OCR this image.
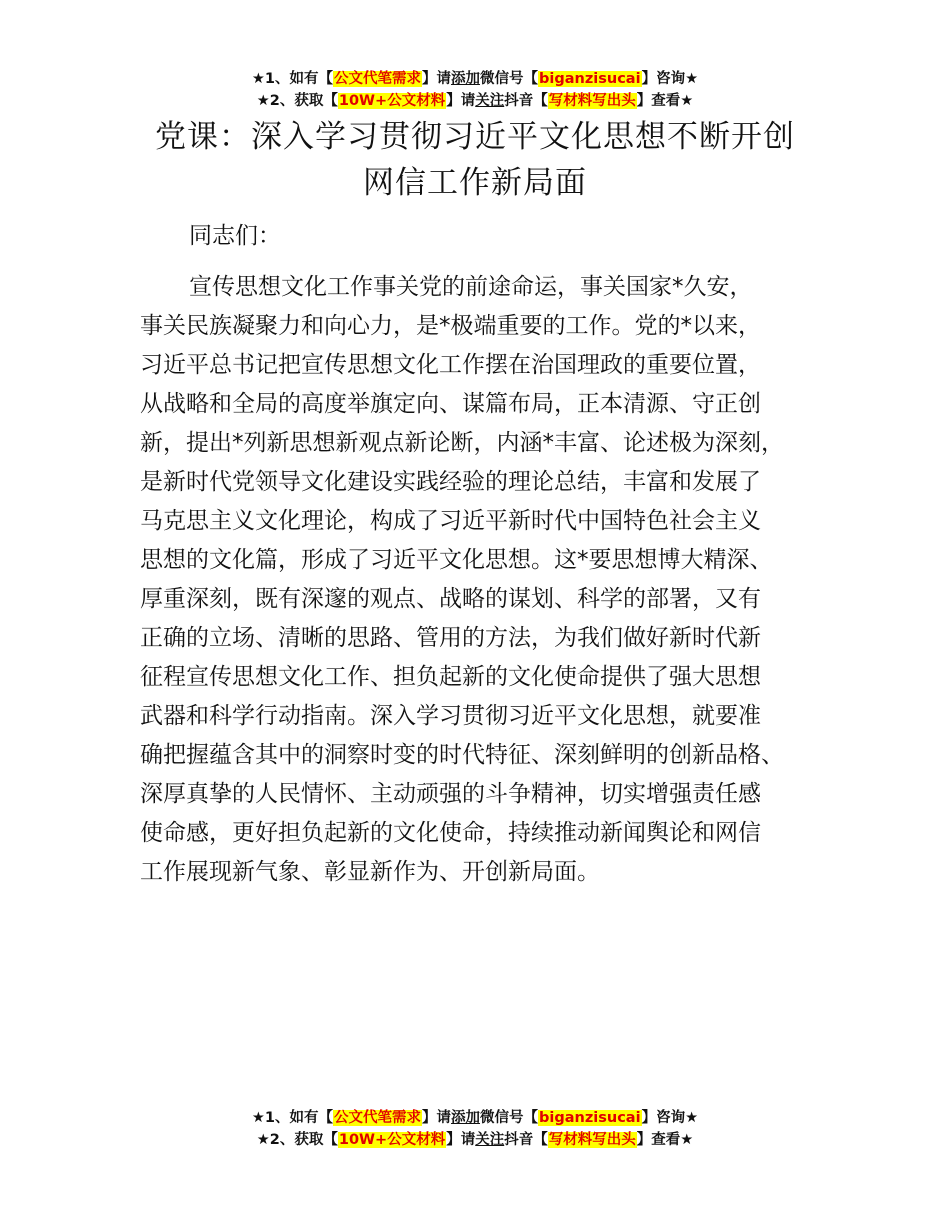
★1、如有【公文代笔需求】请添加微信号【biganzisucai】咨询★
★2、获取【10W+公文材料】请关注抖音【写材料写出头】查看★
党课：深入学习贯彻习近平文化思想不断开创
网信工作新局面
同志们：
宣传思想文化工作事关党的前途命运，事关国家*久安，
事关民族凝聚力和向心力，是*极端重要的工作。党的*以来，
习近平总书记把宣传思想文化工作摆在治国理政的重要位置，
从战略和全局的高度举旗定向、谋篇布局，正本清源、守正创
新，提出*列新思想新观点新论断，内涵*丰富、论述极为深刻，
是新时代党领导文化建设实践经验的理论总结，丰富和发展了
马克思主义文化理论，构成了习近平新时代中国特色社会主义
思想的文化篇，形成了习近平文化思想。这*要思想博大精深、
厚重深刻，既有深邃的观点、战略的谋划、科学的部署，又有
正确的立场、清晰的思路、管用的方法，为我们做好新时代新
征程宣传思想文化工作、担负起新的文化使命提供了强大思想
武器和科学行动指南。深入学习贯彻习近平文化思想，就要准
确把握蕴含其中的洞察时变的时代特征、深刻鲜明的创新品格、
深厚真挚的人民情怀、主动顽强的斗争精神，切实增强责任感
使命感，更好担负起新的文化使命，持续推动新闻舆论和网信
工作展现新气象、彰显新作为、开创新局面。
★1、如有【公文代笔需求】请添加微信号【biganzisucai】咨询★
★2、获取【10W+公文材料】请关注抖音【写材料写出头】查看★
